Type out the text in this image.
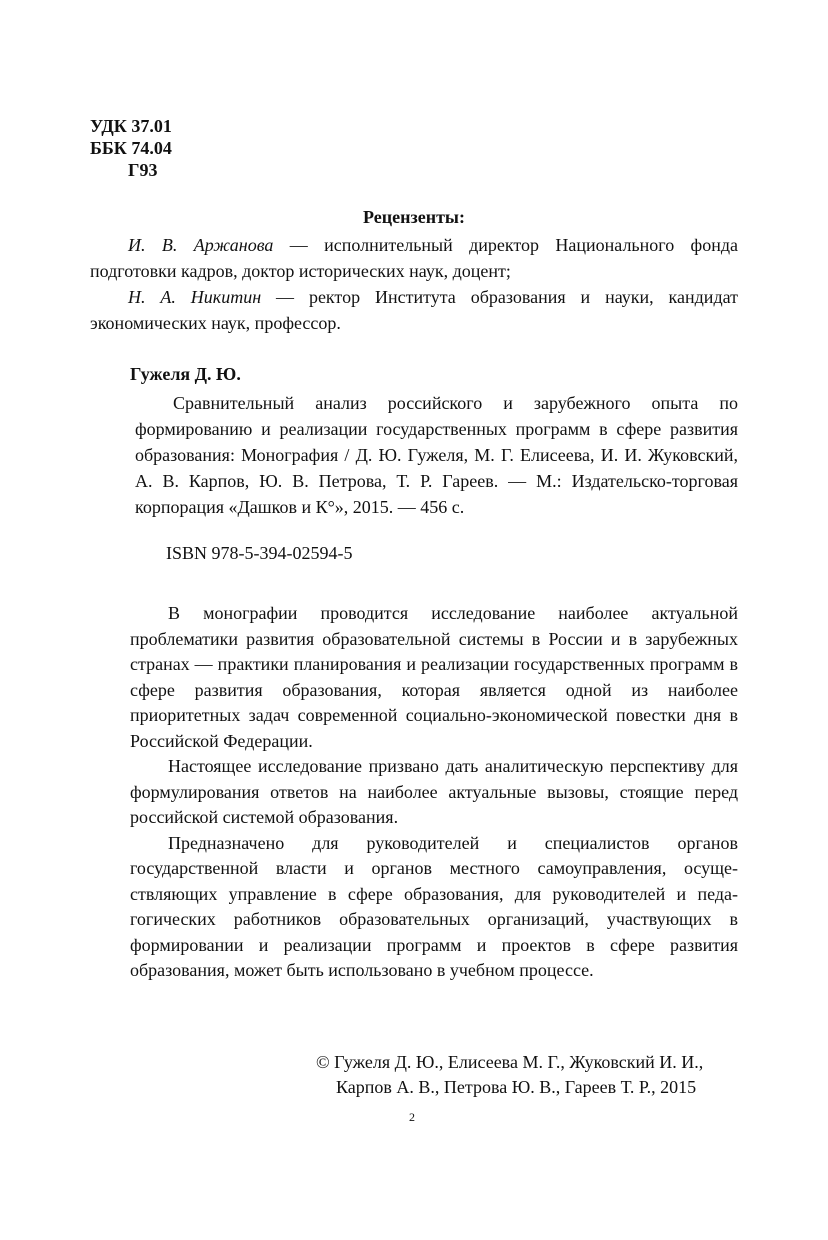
УДК 37.01
ББК 74.04
Г93
Рецензенты:

И. В. Аржанова — исполнительный директор Национального фонда подготовки кадров, доктор исторических наук, доцент;

Н. А. Никитин — ректор Института образования и науки, кандидат экономических наук, профессор.

Гужеля Д. Ю.

Сравнительный анализ российского и зарубежного опыта по формированию и реализации государственных программ в сфере развития образования: Монография / Д. Ю. Гужеля, М. Г. Елисеева, И. И. Жуковский, А. В. Карпов, Ю. В. Петрова, Т. Р. Гареев. — М.: Издательско-торговая корпорация «Дашков и К°», 2015. — 456 с.

ISBN 978-5-394-02594-5

В монографии проводится исследование наиболее актуальной проблематики развития образовательной системы в России и в зарубежных странах — практики планирования и реализации государственных программ в сфере развития образования, которая является одной из наиболее приоритетных задач современной социально-экономической повестки дня в Российской Федерации.

Настоящее исследование призвано дать аналитическую перспективу для формулирования ответов на наиболее актуальные вызовы, стоящие перед российской системой образования.

Предназначено для руководителей и специалистов органов государственной власти и органов местного самоуправления, осуществляющих управление в сфере образования, для руководителей и педагогических работников образовательных организаций, участвующих в формировании и реализации программ и проектов в сфере развития образования, может быть использовано в учебном процессе.

© Гужеля Д. Ю., Елисеева М. Г., Жуковский И. И.,
Карпов А. В., Петрова Ю. В., Гареев Т. Р., 2015
2
